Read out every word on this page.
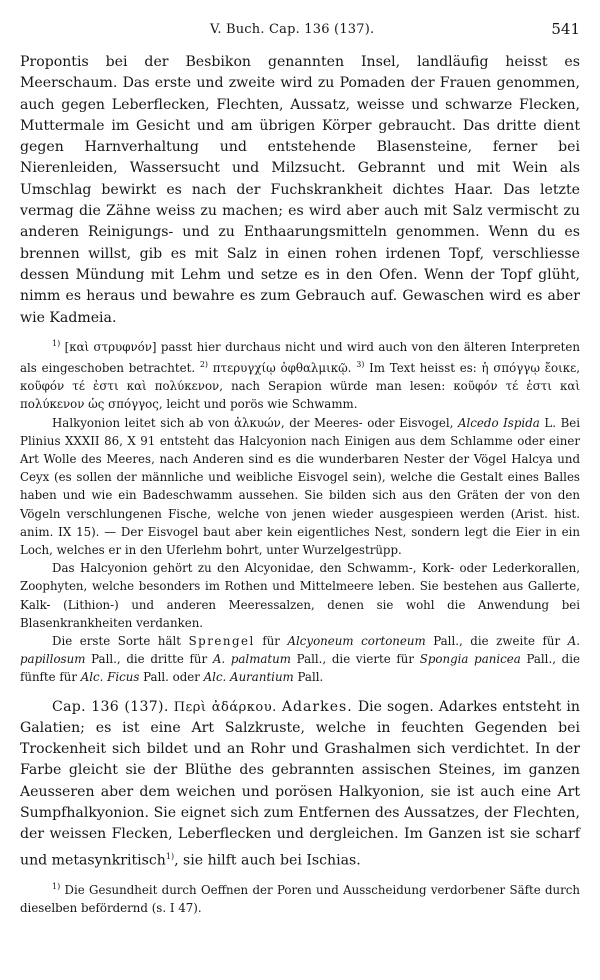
V. Buch. Cap. 136 (137).	541

Propontis bei der Besbikon genannten Insel, landläufig heisst es Meerschaum. Das erste und zweite wird zu Pomaden der Frauen genommen, auch gegen Leberflecken, Flechten, Aussatz, weisse und schwarze Flecken, Muttermale im Gesicht und am übrigen Körper gebraucht. Das dritte dient gegen Harnverhaltung und entstehende Blasensteine, ferner bei Nierenleiden, Wassersucht und Milzsucht. Gebrannt und mit Wein als Umschlag bewirkt es nach der Fuchskrankheit dichtes Haar. Das letzte vermag die Zähne weiss zu machen; es wird aber auch mit Salz vermischt zu anderen Reinigungs- und zu Enthaarungsmitteln genommen. Wenn du es brennen willst, gib es mit Salz in einen rohen irdenen Topf, verschliesse dessen Mündung mit Lehm und setze es in den Ofen. Wenn der Topf glüht, nimm es heraus und bewahre es zum Gebrauch auf. Gewaschen wird es aber wie Kadmeia.

$^{1)}$ [καὶ στρυφνόν] passt hier durchaus nicht und wird auch von den älteren Interpreten als eingeschoben betrachtet. $^{2)}$ πτερυγχίῳ ὀφθαλμικῷ. $^{3)}$ Im Text heisst es: ἡ σπόγγῳ ἔοικε, κοῦφόν τέ ἐστι καὶ πολύκενον, nach Serapion würde man lesen: κοῦφόν τέ ἐστι καὶ πολύκενον ὡς σπόγγος, leicht und porös wie Schwamm.

Halkyonion leitet sich ab von ἀλκυών, der Meeres- oder Eisvogel, Alcedo Ispida L. Bei Plinius XXXII 86, X 91 entsteht das Halcyonion nach Einigen aus dem Schlamme oder einer Art Wolle des Meeres, nach Anderen sind es die wunderbaren Nester der Vögel Halcya und Ceyx (es sollen der männliche und weibliche Eisvogel sein), welche die Gestalt eines Balles haben und wie ein Badeschwamm aussehen. Sie bilden sich aus den Gräten der von den Vögeln verschlungenen Fische, welche von jenen wieder ausgespieen werden (Arist. hist. anim. IX 15). — Der Eisvogel baut aber kein eigentliches Nest, sondern legt die Eier in ein Loch, welches er in den Uferlehm bohrt, unter Wurzelgestrüpp.

Das Halcyonion gehört zu den Alcyonidae, den Schwamm-, Kork- oder Lederkorallen, Zoophyten, welche besonders im Rothen und Mittelmeere leben. Sie bestehen aus Gallerte, Kalk- (Lithion-) und anderen Meeressalzen, denen sie wohl die Anwendung bei Blasenkrankheiten verdanken.

Die erste Sorte hält Sprengel für Alcyoneum cortoneum Pall., die zweite für A. papillosum Pall., die dritte für A. palmatum Pall., die vierte für Spongia panicea Pall., die fünfte für Alc. Ficus Pall. oder Alc. Aurantium Pall.

Cap. 136 (137). Περὶ ἀδάρκου. Adarkes. Die sogen. Adarkes entsteht in Galatien; es ist eine Art Salzkruste, welche in feuchten Gegenden bei Trockenheit sich bildet und an Rohr und Grashalmen sich verdichtet. In der Farbe gleicht sie der Blüthe des gebrannten assischen Steines, im ganzen Aeusseren aber dem weichen und porösen Halkyonion, sie ist auch eine Art Sumpfhalkyonion. Sie eignet sich zum Entfernen des Aussatzes, der Flechten, der weissen Flecken, Leberflecken und dergleichen. Im Ganzen ist sie scharf und metasynkritisch$^{1)}$, sie hilft auch bei Ischias.

$^{1)}$ Die Gesundheit durch Oeffnen der Poren und Ausscheidung verdorbener Säfte durch dieselben befördernd (s. I 47).
